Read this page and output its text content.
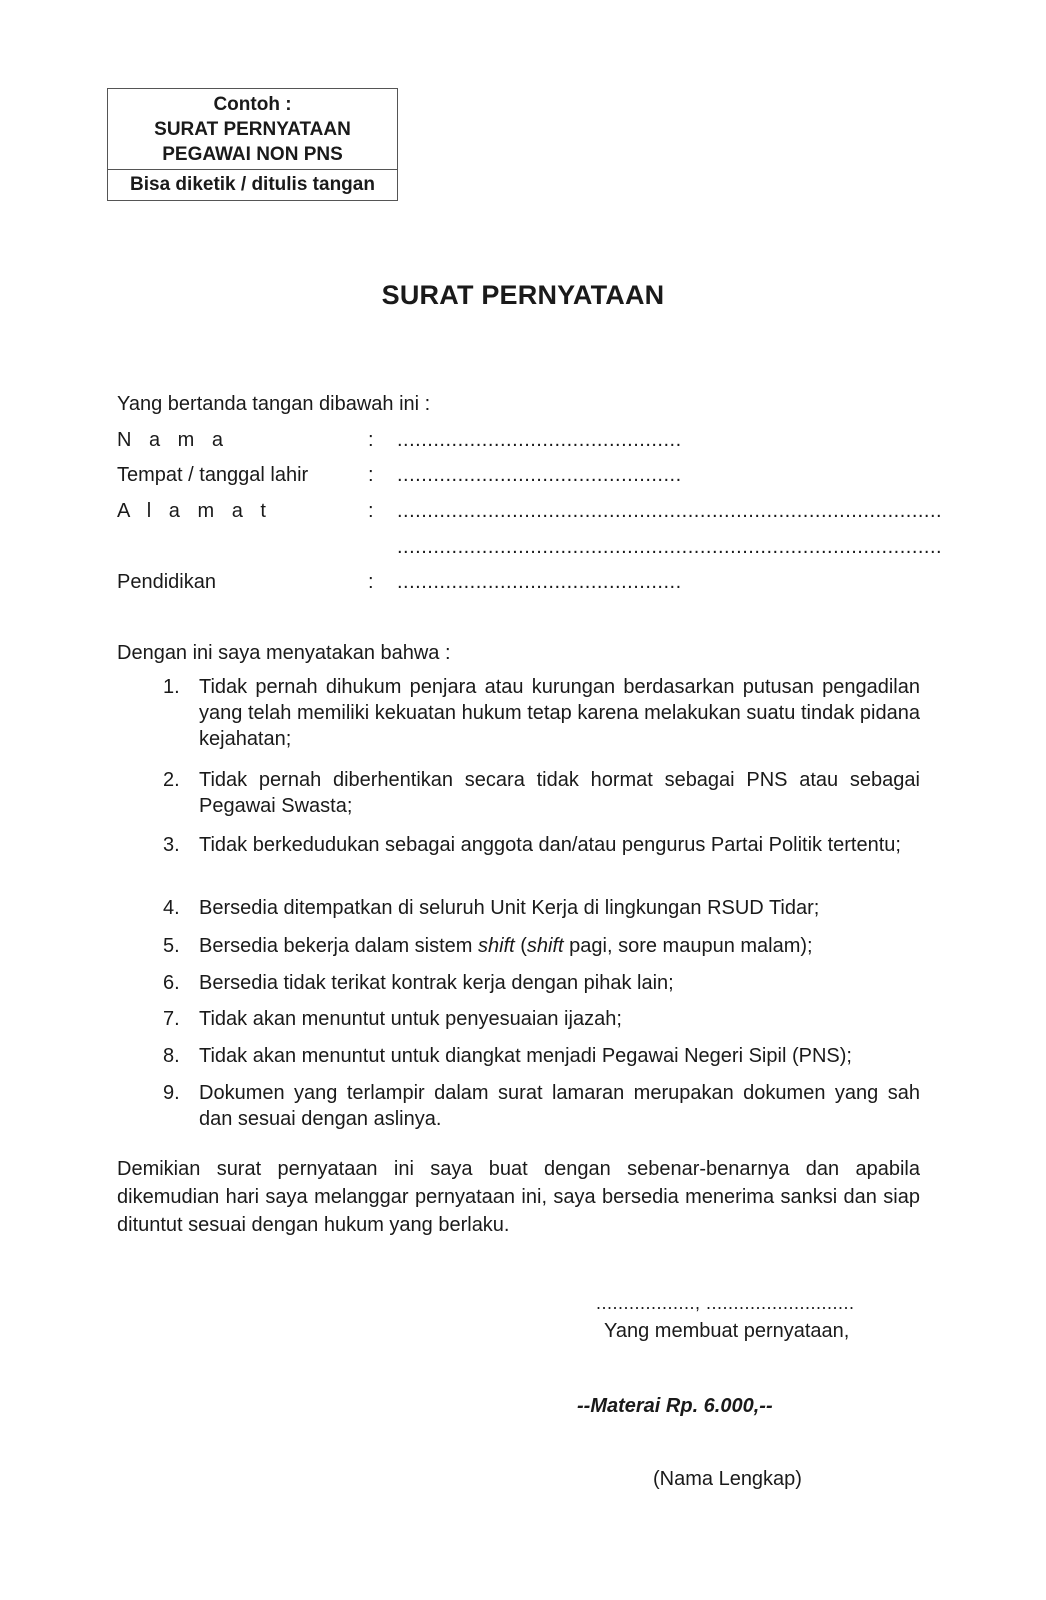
Contoh :
SURAT PERNYATAAN
PEGAWAI NON PNS
Bisa diketik / ditulis tangan
SURAT PERNYATAAN
Yang bertanda tangan dibawah ini :
N a m a	: ...............................................
Tempat / tanggal lahir	: ...............................................
A l a m a t	: ..........................................................................................
..........................................................................................
Pendidikan	: ...............................................
Dengan ini saya menyatakan bahwa :
1. Tidak pernah dihukum penjara atau kurungan berdasarkan putusan pengadilan yang telah memiliki kekuatan hukum tetap karena melakukan suatu tindak pidana kejahatan;
2. Tidak pernah diberhentikan secara tidak hormat sebagai PNS atau sebagai Pegawai Swasta;
3. Tidak berkedudukan sebagai anggota dan/atau pengurus Partai Politik tertentu;
4. Bersedia ditempatkan di seluruh Unit Kerja di lingkungan RSUD Tidar;
5. Bersedia bekerja dalam sistem shift (shift pagi, sore maupun malam);
6. Bersedia tidak terikat kontrak kerja dengan pihak lain;
7. Tidak akan menuntut untuk penyesuaian ijazah;
8. Tidak akan menuntut untuk diangkat menjadi Pegawai Negeri Sipil (PNS);
9. Dokumen yang terlampir dalam surat lamaran merupakan dokumen yang sah dan sesuai dengan aslinya.
Demikian surat pernyataan ini saya buat dengan sebenar-benarnya dan apabila dikemudian hari saya melanggar pernyataan ini, saya bersedia menerima sanksi dan siap dituntut sesuai dengan hukum yang berlaku.
.................., ...........................
Yang membuat pernyataan,
--Materai Rp. 6.000,--
(Nama Lengkap)
